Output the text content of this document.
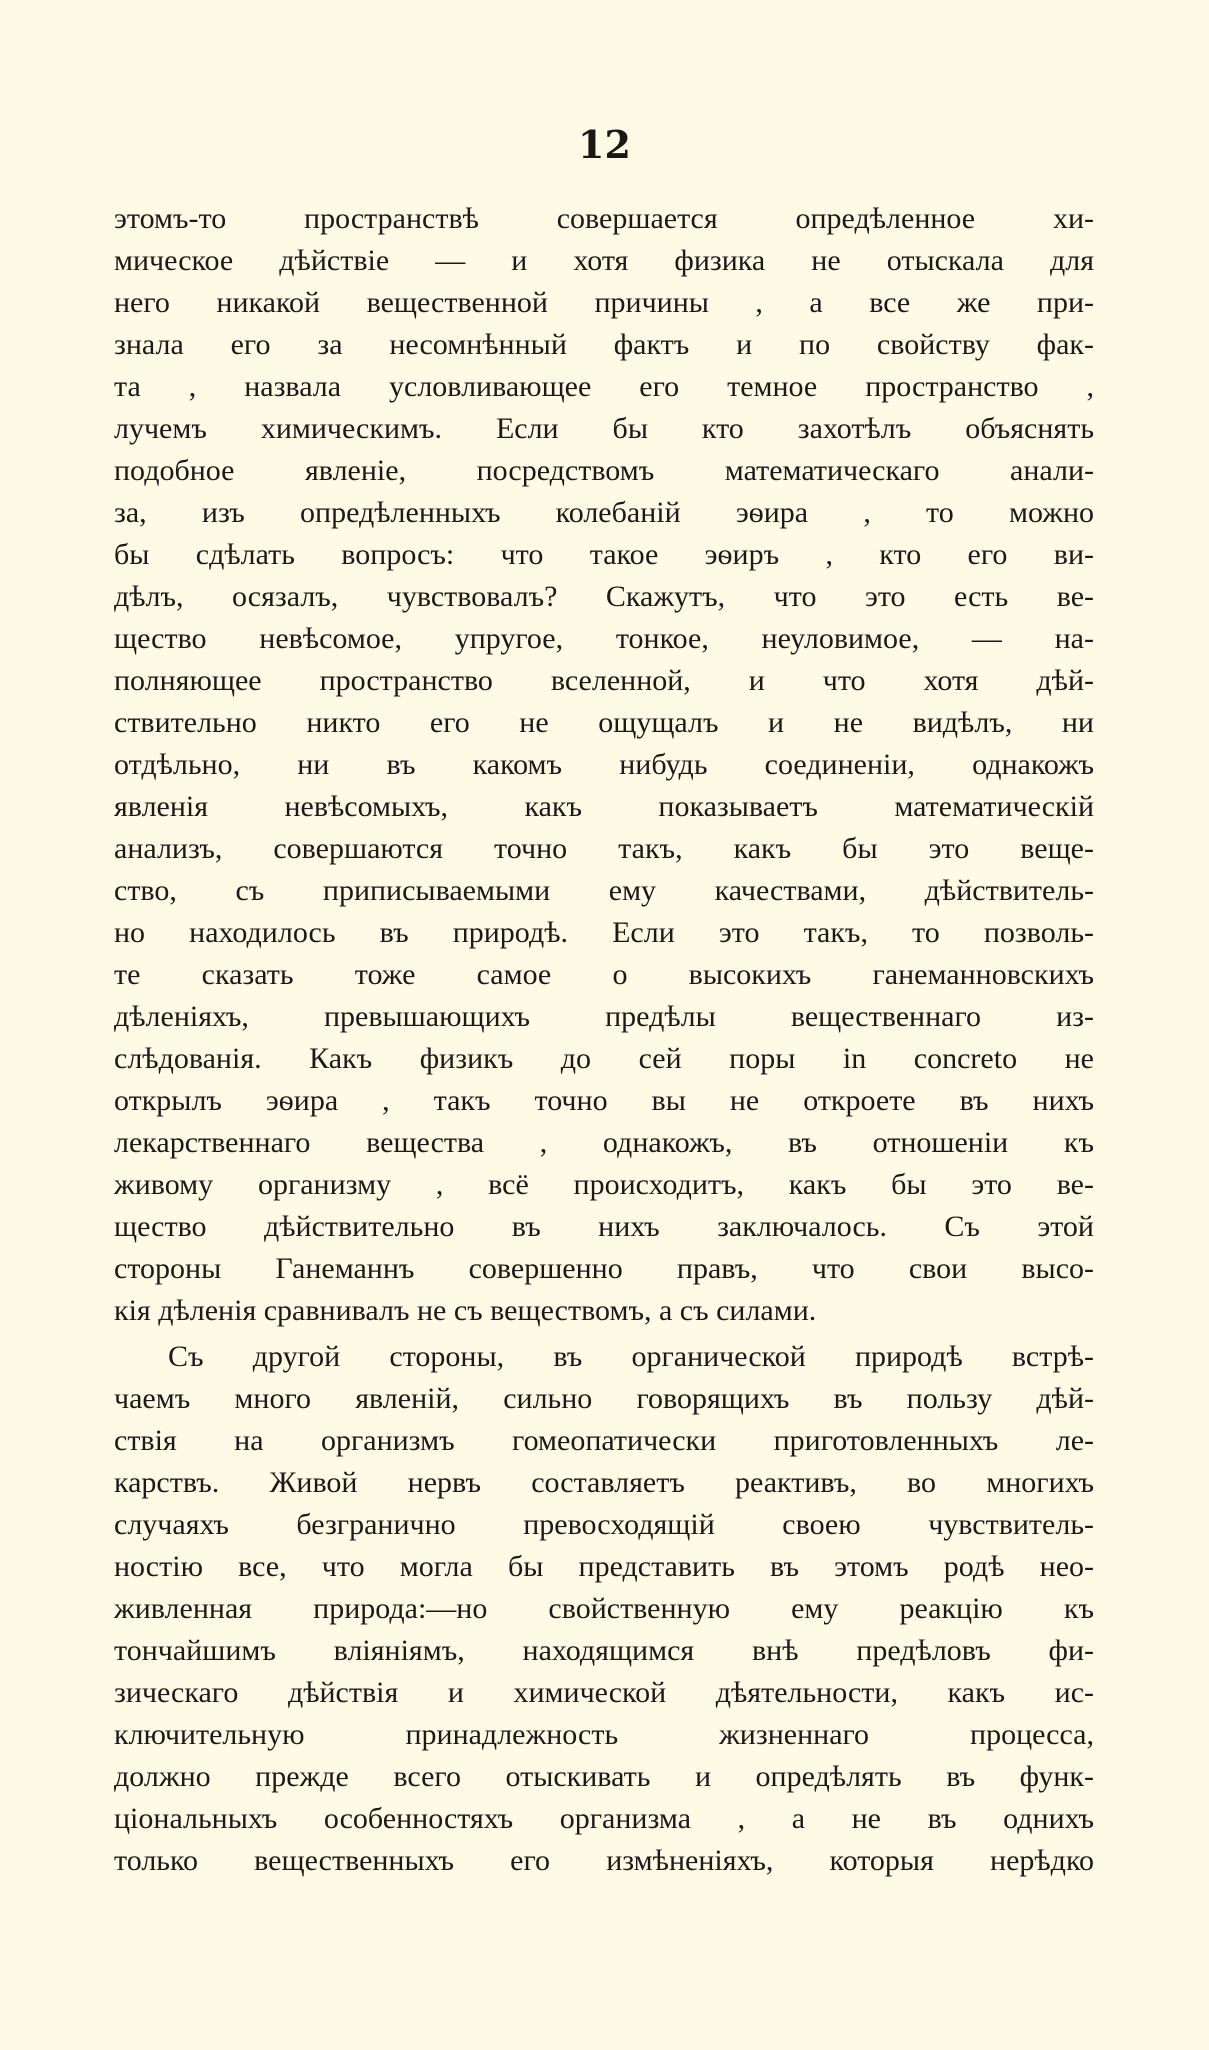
12
этомъ-то пространствѣ совершается опредѣленное хи-
мическое дѣйствіе — и хотя физика не отыскала для
него никакой вещественной причины , а все же при-
знала его за несомнѣнный фактъ и по свойству фак-
та , назвала условливающее его темное пространство ,
лучемъ химическимъ. Если бы кто захотѣлъ объяснять
подобное явленіе, посредствомъ математическаго анали-
за, изъ опредѣленныхъ колебаній эѳира , то можно
бы сдѣлать вопросъ: что такое эѳиръ , кто его ви-
дѣлъ, осязалъ, чувствовалъ? Скажутъ, что это есть ве-
щество невѣсомое, упругое, тонкое, неуловимое, — на-
полняющее пространство вселенной, и что хотя дѣй-
ствительно никто его не ощущалъ и не видѣлъ, ни
отдѣльно, ни въ какомъ нибудь соединеніи, однакожъ
явленія невѣсомыхъ, какъ показываетъ математическій
анализъ, совершаются точно такъ, какъ бы это веще-
ство, съ приписываемыми ему качествами, дѣйствитель-
но находилось въ природѣ. Если это такъ, то позволь-
те сказать тоже самое о высокихъ ганеманновскихъ
дѣленіяхъ, превышающихъ предѣлы вещественнаго из-
слѣдованія. Какъ физикъ до сей поры in concreto не
открылъ эѳира , такъ точно вы не откроете въ нихъ
лекарственнаго вещества , однакожъ, въ отношеніи къ
живому организму , всё происходитъ, какъ бы это ве-
щество дѣйствительно въ нихъ заключалось. Съ этой
стороны Ганеманнъ совершенно правъ, что свои высо-
кія дѣленія сравнивалъ не съ веществомъ, а съ силами.
Съ другой стороны, въ органической природѣ встрѣ-
чаемъ много явленій, сильно говорящихъ въ пользу дѣй-
ствія на организмъ гомеопатически приготовленныхъ ле-
карствъ. Живой нервъ составляетъ реактивъ, во многихъ
случаяхъ безгранично превосходящій своею чувствитель-
ностію все, что могла бы представить въ этомъ родѣ нео-
живленная природа:—но свойственную ему реакцію къ
тончайшимъ вліяніямъ, находящимся внѣ предѣловъ фи-
зическаго дѣйствія и химической дѣятельности, какъ ис-
ключительную принадлежность жизненнаго процесса,
должно прежде всего отыскивать и опредѣлять въ функ-
ціональныхъ особенностяхъ организма , а не въ однихъ
только вещественныхъ его измѣненіяхъ, которыя нерѣдко
